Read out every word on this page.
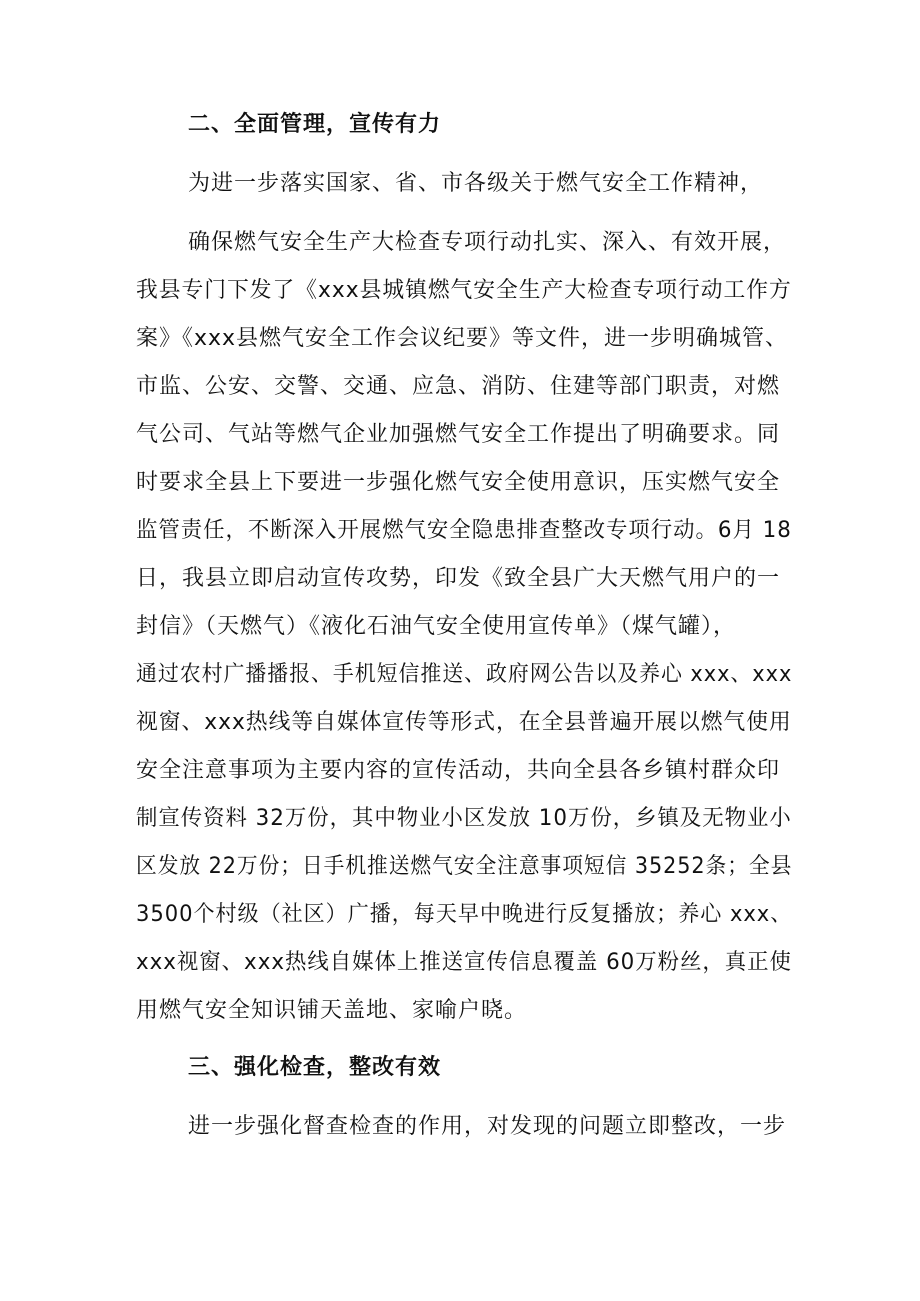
二、全面管理，宣传有力
为进一步落实国家、省、市各级关于燃气安全工作精神，
确保燃气安全生产大检查专项行动扎实、深入、有效开展，
我县专门下发了《xxx县城镇燃气安全生产大检查专项行动工作方
案》《xxx县燃气安全工作会议纪要》等文件，进一步明确城管、
市监、公安、交警、交通、应急、消防、住建等部门职责，对燃
气公司、气站等燃气企业加强燃气安全工作提出了明确要求。同
时要求全县上下要进一步强化燃气安全使用意识，压实燃气安全
监管责任，不断深入开展燃气安全隐患排查整改专项行动。6月 18
日，我县立即启动宣传攻势，印发《致全县广大天燃气用户的一
封信》（天燃气）《液化石油气安全使用宣传单》（煤气罐），
通过农村广播播报、手机短信推送、政府网公告以及养心 xxx、xxx
视窗、xxx热线等自媒体宣传等形式，在全县普遍开展以燃气使用
安全注意事项为主要内容的宣传活动，共向全县各乡镇村群众印
制宣传资料 32万份，其中物业小区发放 10万份，乡镇及无物业小
区发放 22万份；日手机推送燃气安全注意事项短信 35252条；全县
3500个村级（社区）广播，每天早中晚进行反复播放；养心 xxx、
xxx视窗、xxx热线自媒体上推送宣传信息覆盖 60万粉丝，真正使
用燃气安全知识铺天盖地、家喻户晓。
三、强化检查，整改有效
进一步强化督查检查的作用，对发现的问题立即整改，一步
